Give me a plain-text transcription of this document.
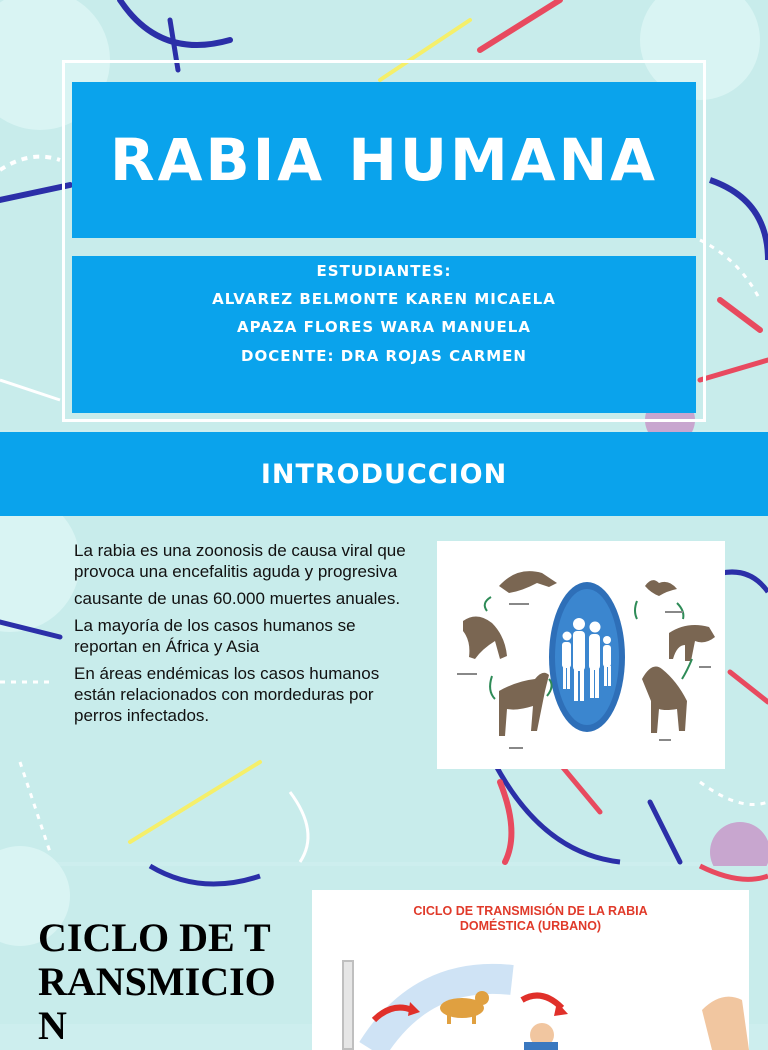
RABIA HUMANA
ESTUDIANTES:
ALVAREZ BELMONTE KAREN MICAELA
APAZA FLORES WARA MANUELA
DOCENTE: DRA ROJAS CARMEN
INTRODUCCION

La rabia es una zoonosis de causa viral que provoca una encefalitis aguda y progresiva

causante de unas 60.000 muertes anuales.

La mayoría de los casos humanos se reportan en África y Asia

En áreas endémicas los casos humanos están relacionados con mordeduras por perros infectados.

CICLO DE TRANSMICION
CICLO DE TRANSMISIÓN DE LA RABIA
DOMÉSTICA (URBANO)
